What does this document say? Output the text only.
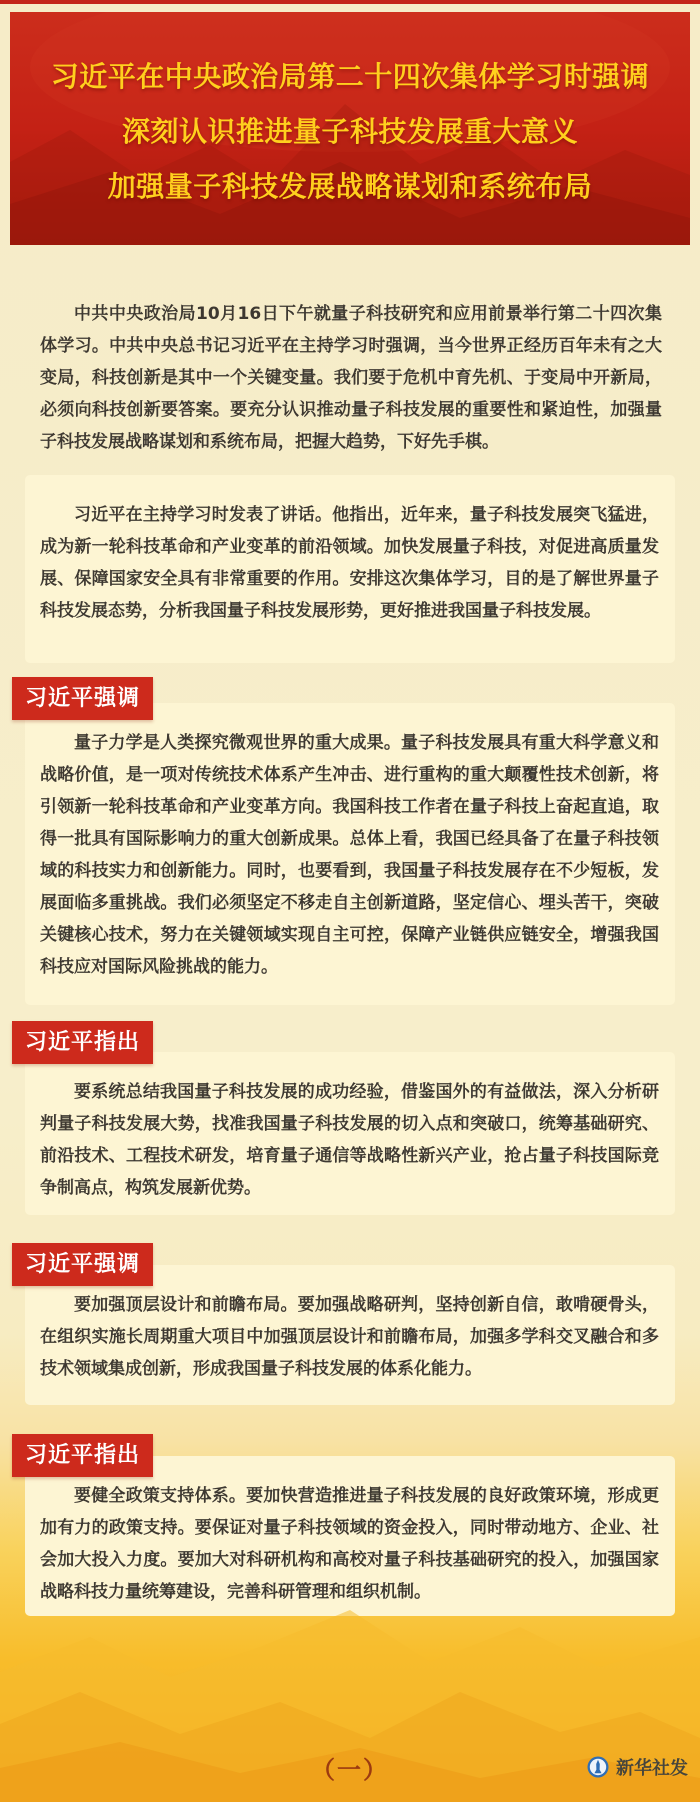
习近平在中央政治局第二十四次集体学习时强调
深刻认识推进量子科技发展重大意义
加强量子科技发展战略谋划和系统布局

中共中央政治局10月16日下午就量子科技研究和应用前景举行第二十四次集体学习。中共中央总书记习近平在主持学习时强调，当今世界正经历百年未有之大变局，科技创新是其中一个关键变量。我们要于危机中育先机、于变局中开新局，必须向科技创新要答案。要充分认识推动量子科技发展的重要性和紧迫性，加强量子科技发展战略谋划和系统布局，把握大趋势，下好先手棋。

习近平在主持学习时发表了讲话。他指出，近年来，量子科技发展突飞猛进，成为新一轮科技革命和产业变革的前沿领域。加快发展量子科技，对促进高质量发展、保障国家安全具有非常重要的作用。安排这次集体学习，目的是了解世界量子科技发展态势，分析我国量子科技发展形势，更好推进我国量子科技发展。

习近平强调

量子力学是人类探究微观世界的重大成果。量子科技发展具有重大科学意义和战略价值，是一项对传统技术体系产生冲击、进行重构的重大颠覆性技术创新，将引领新一轮科技革命和产业变革方向。我国科技工作者在量子科技上奋起直追，取得一批具有国际影响力的重大创新成果。总体上看，我国已经具备了在量子科技领域的科技实力和创新能力。同时，也要看到，我国量子科技发展存在不少短板，发展面临多重挑战。我们必须坚定不移走自主创新道路，坚定信心、埋头苦干，突破关键核心技术，努力在关键领域实现自主可控，保障产业链供应链安全，增强我国科技应对国际风险挑战的能力。

习近平指出

要系统总结我国量子科技发展的成功经验，借鉴国外的有益做法，深入分析研判量子科技发展大势，找准我国量子科技发展的切入点和突破口，统筹基础研究、前沿技术、工程技术研发，培育量子通信等战略性新兴产业，抢占量子科技国际竞争制高点，构筑发展新优势。

习近平强调

要加强顶层设计和前瞻布局。要加强战略研判，坚持创新自信，敢啃硬骨头，在组织实施长周期重大项目中加强顶层设计和前瞻布局，加强多学科交叉融合和多技术领域集成创新，形成我国量子科技发展的体系化能力。

习近平指出

要健全政策支持体系。要加快营造推进量子科技发展的良好政策环境，形成更加有力的政策支持。要保证对量子科技领域的资金投入，同时带动地方、企业、社会加大投入力度。要加大对科研机构和高校对量子科技基础研究的投入，加强国家战略科技力量统筹建设，完善科研管理和组织机制。

（一）	新华社发
